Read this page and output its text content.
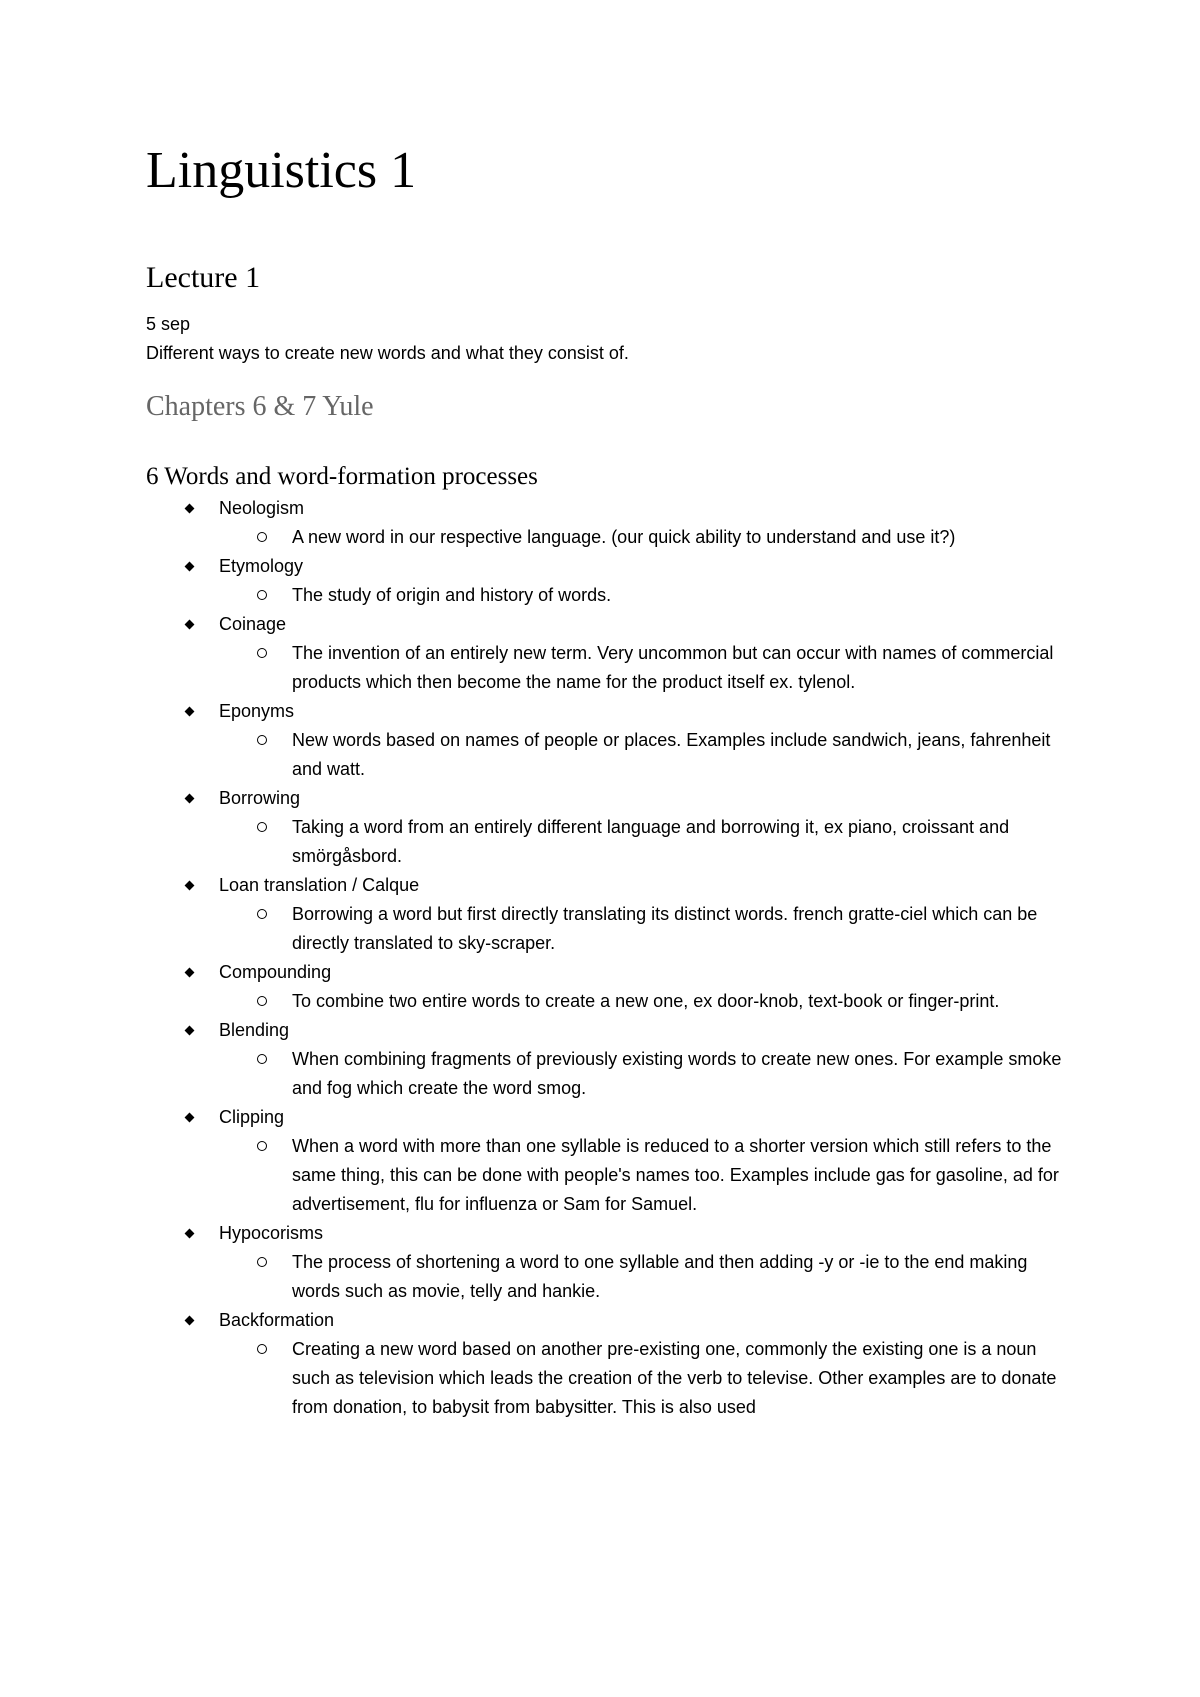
Linguistics 1
Lecture 1

5 sep

Different ways to create new words and what they consist of.

Chapters 6 & 7 Yule
6 Words and word-formation processes
Neologism
A new word in our respective language. (our quick ability to understand and use it?)
Etymology
The study of origin and history of words.
Coinage
The invention of an entirely new term. Very uncommon but can occur with names of commercial products which then become the name for the product itself ex. tylenol.
Eponyms
New words based on names of people or places. Examples include sandwich, jeans, fahrenheit and watt.
Borrowing
Taking a word from an entirely different language and borrowing it, ex piano, croissant and smörgåsbord.
Loan translation / Calque
Borrowing a word but first directly translating its distinct words. french gratte-ciel which can be directly translated to sky-scraper.
Compounding
To combine two entire words to create a new one, ex door-knob, text-book or finger-print.
Blending
When combining fragments of previously existing words to create new ones. For example smoke and fog which create the word smog.
Clipping
When a word with more than one syllable is reduced to a shorter version which still refers to the same thing, this can be done with people's names too. Examples include gas for gasoline, ad for advertisement, flu for influenza or Sam for Samuel.
Hypocorisms
The process of shortening a word to one syllable and then adding -y or -ie to the end making words such as movie, telly and hankie.
Backformation
Creating a new word based on another pre-existing one, commonly the existing one is a noun such as television which leads the creation of the verb to televise. Other examples are to donate from donation, to babysit from babysitter. This is also used
